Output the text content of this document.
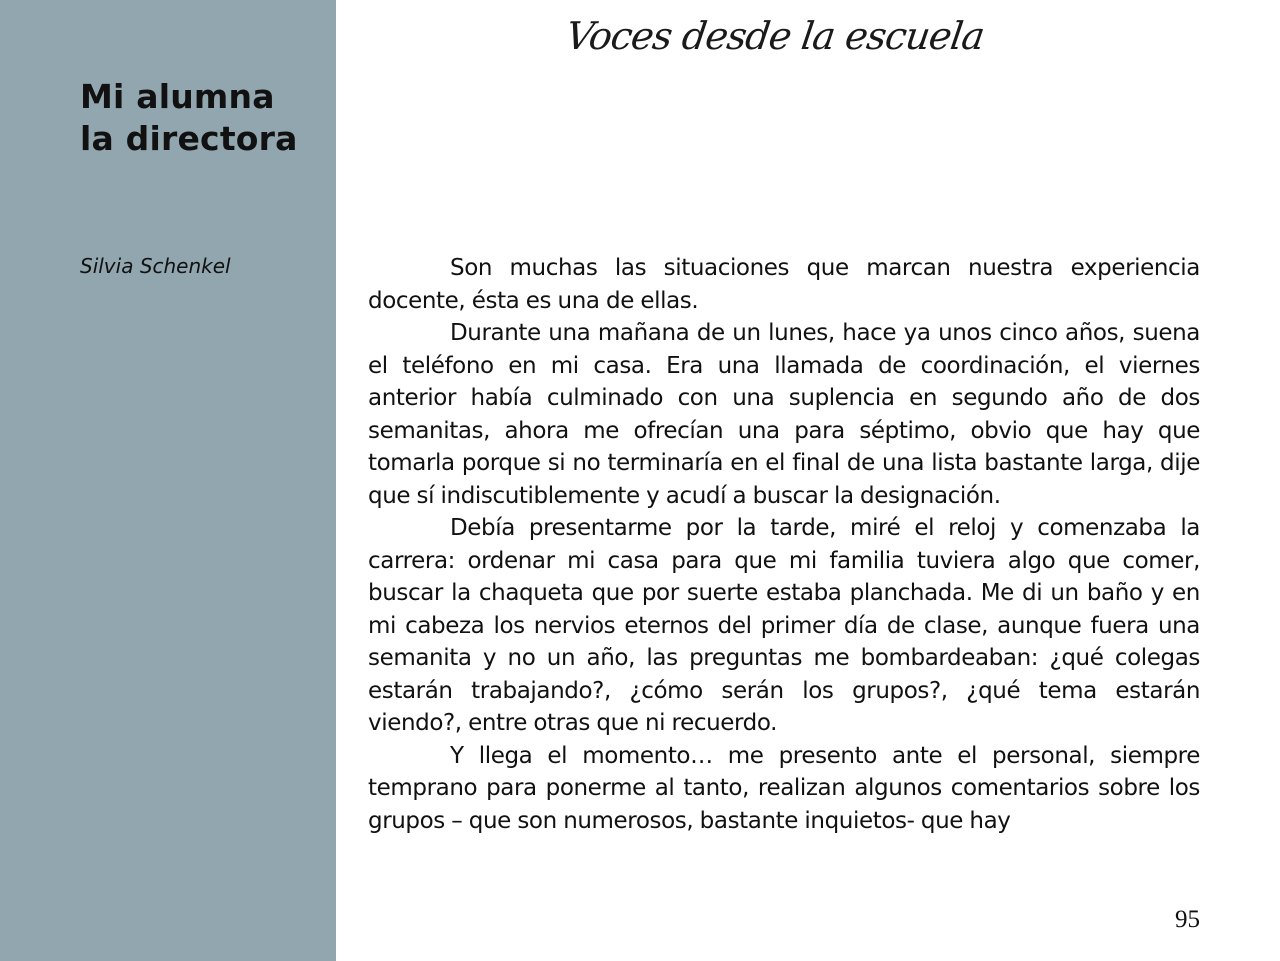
Mi alumna
la directora
Silvia Schenkel
Voces desde la escuela

Son muchas las situaciones que marcan nuestra experiencia docente, ésta es una de ellas.

Durante una mañana de un lunes, hace ya unos cinco años, suena el teléfono en mi casa. Era una llamada de coordinación, el viernes anterior había culminado con una suplencia en segundo año de dos semanitas, ahora me ofrecían una para séptimo, obvio que hay que tomarla porque si no terminaría en el final de una lista bastante larga, dije que sí indiscutiblemente y acudí a buscar la designación.

Debía presentarme por la tarde, miré el reloj y comenzaba la carrera: ordenar mi casa para que mi familia tuviera algo que comer, buscar la chaqueta que por suerte estaba planchada. Me di un baño y en mi cabeza los nervios eternos del primer día de clase, aunque fuera una semanita y no un año, las preguntas me bombardeaban: ¿qué colegas estarán trabajando?, ¿cómo serán los grupos?, ¿qué tema estarán viendo?, entre otras que ni recuerdo.

Y llega el momento… me presento ante el personal, siempre temprano para ponerme al tanto, realizan algunos comentarios sobre los grupos – que son numerosos, bastante inquietos- que hay

95
